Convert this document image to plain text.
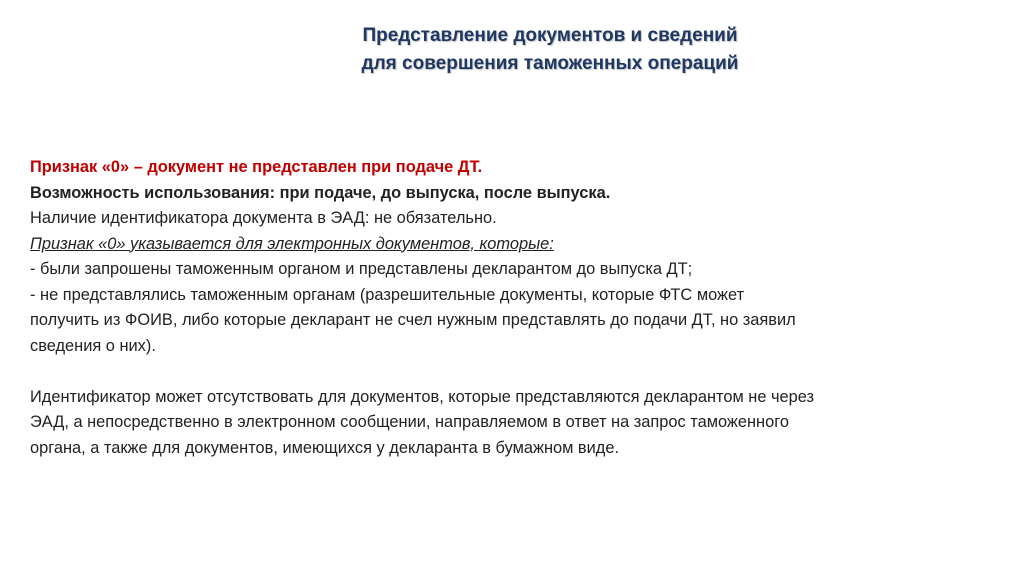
Представление документов и сведений
для совершения таможенных операций

Признак «0» – документ не представлен при подаче ДТ.

Возможность использования: при подаче, до выпуска, после выпуска.

Наличие идентификатора документа в ЭАД: не обязательно.

Признак «0» указывается для электронных документов, которые:

- были запрошены таможенным органом и представлены декларантом до выпуска ДТ;

- не представлялись таможенным органам (разрешительные документы, которые ФТС может

получить из ФОИВ, либо которые декларант не счел нужным представлять до подачи ДТ, но заявил

сведения о них).

Идентификатор может отсутствовать для документов, которые представляются декларантом не через

ЭАД, а непосредственно в электронном сообщении, направляемом в ответ на запрос таможенного

органа, а также для документов, имеющихся у декларанта в бумажном виде.
